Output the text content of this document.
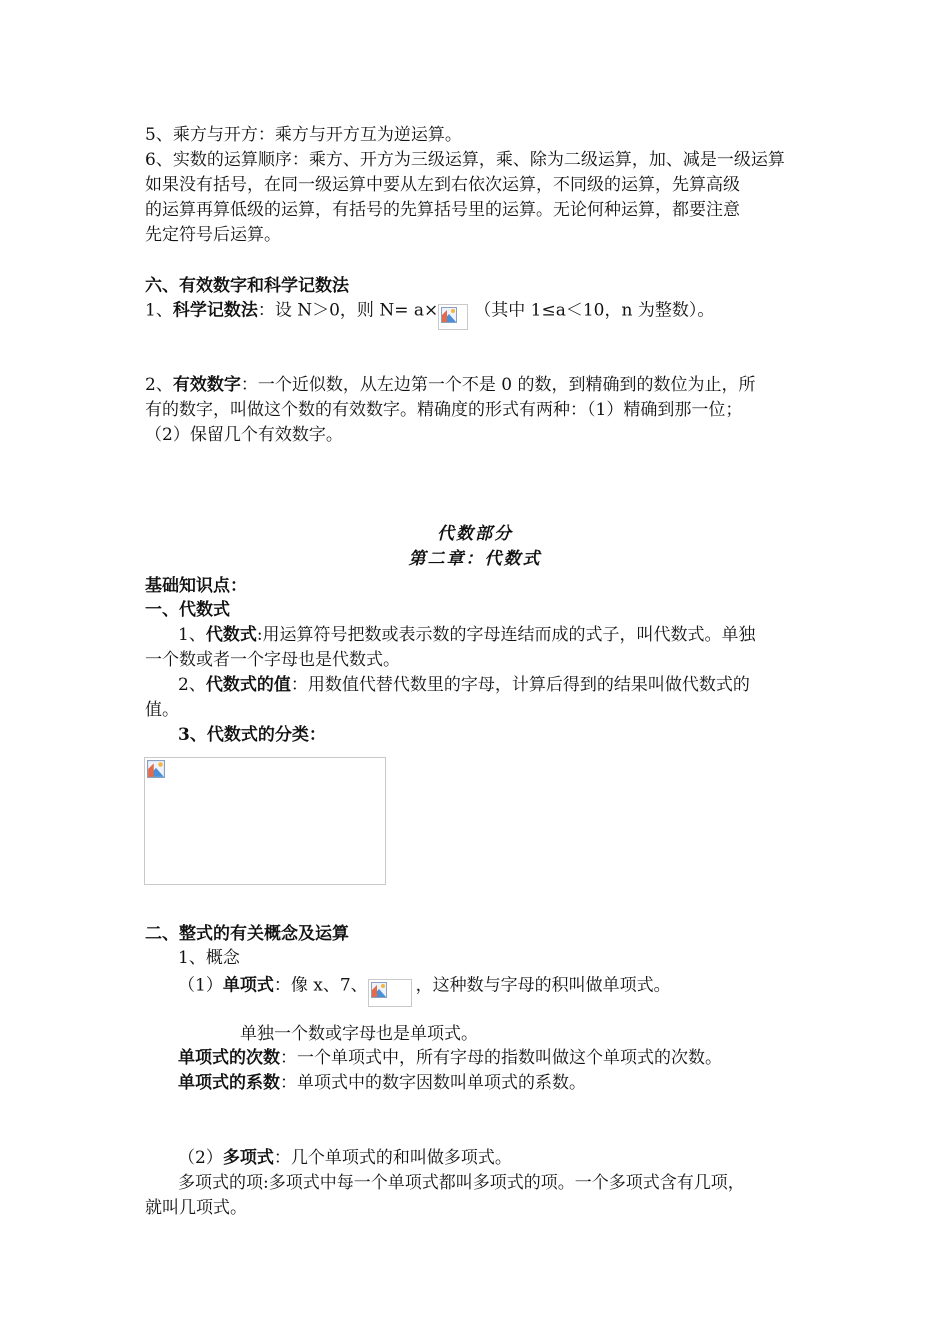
5、乘方与开方：乘方与开方互为逆运算。
6、实数的运算顺序：乘方、开方为三级运算，乘、除为二级运算，加、减是一级运算
如果没有括号，在同一级运算中要从左到右依次运算，不同级的运算，先算高级
的运算再算低级的运算，有括号的先算括号里的运算。无论何种运算，都要注意
先定符号后运算。
六、有效数字和科学记数法
1、科学记数法：设 N＞0，则 N= a× （其中 1≤a＜10，n 为整数）。
2、有效数字：一个近似数，从左边第一个不是 0 的数，到精确到的数位为止，所
有的数字，叫做这个数的有效数字。精确度的形式有两种：（1）精确到那一位；
（2）保留几个有效数字。
代数部分
第二章：代数式
基础知识点：
一、代数式
1、代数式:用运算符号把数或表示数的字母连结而成的式子，叫代数式。单独
一个数或者一个字母也是代数式。
2、代数式的值：用数值代替代数里的字母，计算后得到的结果叫做代数式的
值。
3、代数式的分类：
二、整式的有关概念及运算
1、概念
（1）单项式：像 x、7、	，这种数与字母的积叫做单项式。
单独一个数或字母也是单项式。
单项式的次数：一个单项式中，所有字母的指数叫做这个单项式的次数。
单项式的系数：单项式中的数字因数叫单项式的系数。
（2）多项式：几个单项式的和叫做多项式。
多项式的项:多项式中每一个单项式都叫多项式的项。一个多项式含有几项，
就叫几项式。
